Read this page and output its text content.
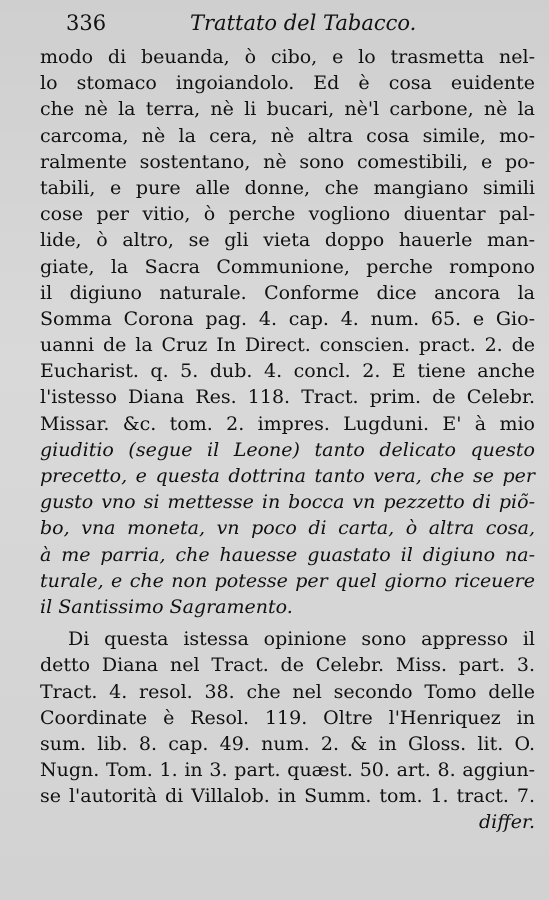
336	Trattato del Tabacco.
modo di beuanda, ò cibo, e lo trasmetta nel-
lo stomaco ingoiandolo. Ed è cosa euidente
che nè la terra, nè li bucari, nè'l carbone, nè la
carcoma, nè la cera, nè altra cosa simile, mo-
ralmente sostentano, nè sono comestibili, e po-
tabili, e pure alle donne, che mangiano simili
cose per vitio, ò perche vogliono diuentar pal-
lide, ò altro, se gli vieta doppo hauerle man-
giate, la Sacra Communione, perche rompono
il digiuno naturale. Conforme dice ancora la
Somma Corona pag. 4. cap. 4. num. 65. e Gio-
uanni de la Cruz In Direct. conscien. pract. 2. de
Eucharist. q. 5. dub. 4. concl. 2. E tiene anche
l'istesso Diana Res. 118. Tract. prim. de Celebr.
Missar. &c. tom. 2. impres. Lugduni. E' à mio
giuditio (segue il Leone) tanto delicato questo
precetto, e questa dottrina tanto vera, che se per
gusto vno si mettesse in bocca vn pezzetto di piõ-
bo, vna moneta, vn poco di carta, ò altra cosa,
à me parria, che hauesse guastato il digiuno na-
turale, e che non potesse per quel giorno riceuere
il Santissimo Sagramento.
Di questa istessa opinione sono appresso il
detto Diana nel Tract. de Celebr. Miss. part. 3.
Tract. 4. resol. 38. che nel secondo Tomo delle
Coordinate è Resol. 119. Oltre l'Henriquez in
sum. lib. 8. cap. 49. num. 2. & in Gloss. lit. O.
Nugn. Tom. 1. in 3. part. quæst. 50. art. 8. aggiun-
se l'autorità di Villalob. in Summ. tom. 1. tract. 7.
differ.
